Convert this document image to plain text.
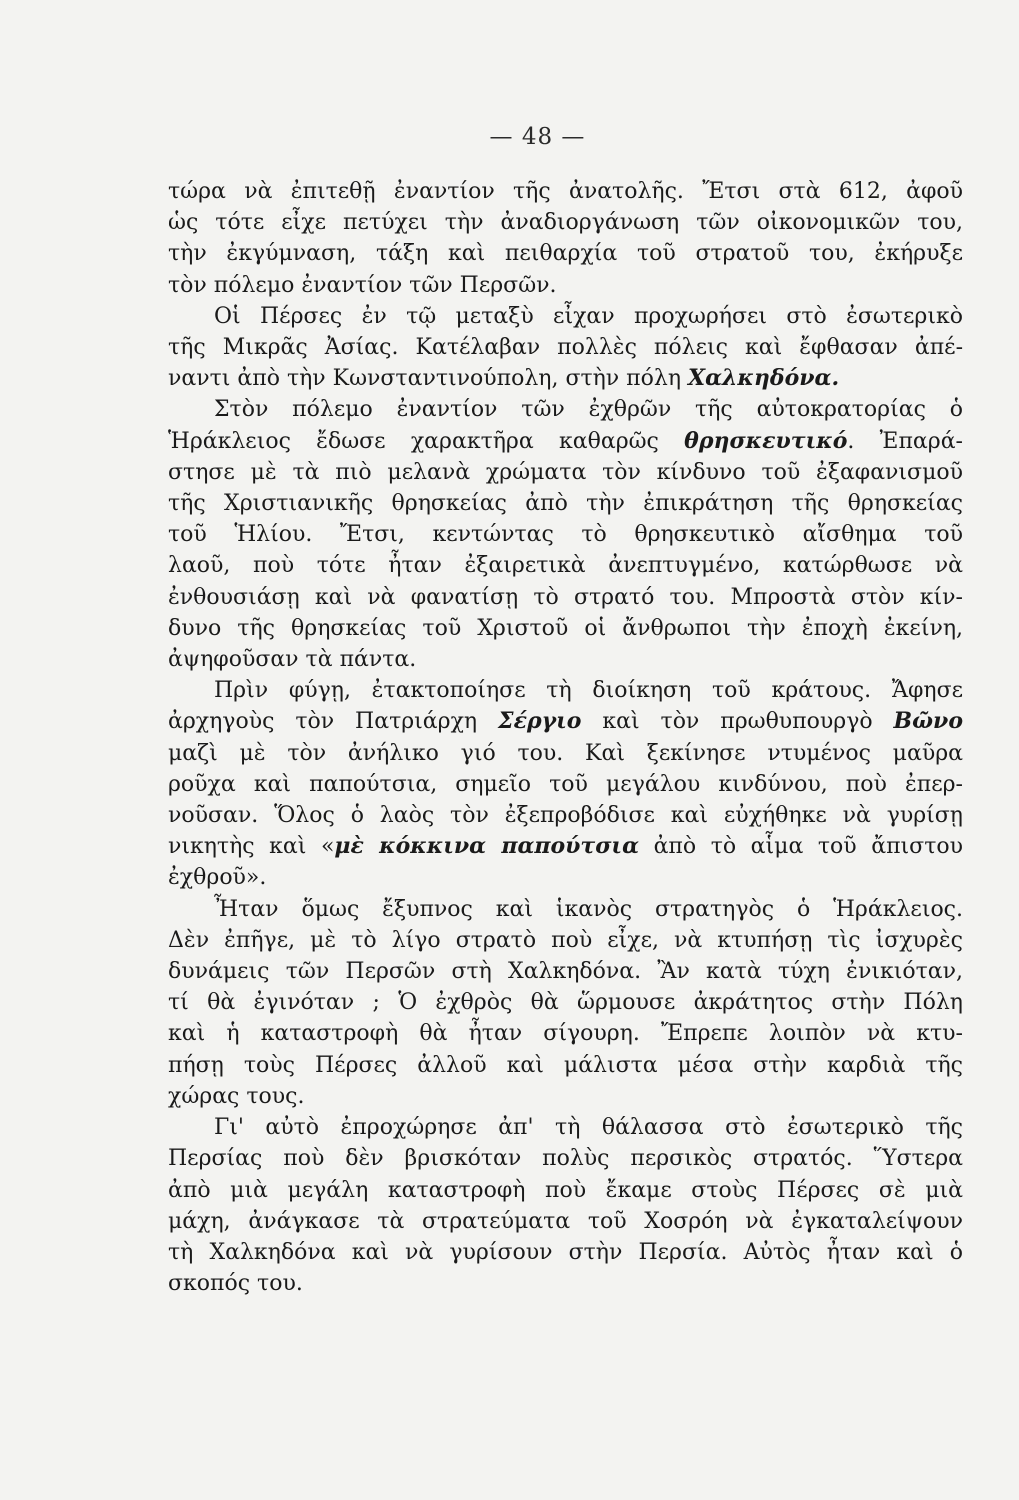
— 48 —
τώρα νὰ ἐπιτεθῇ ἐναντίον τῆς ἀνατολῆς. Ἔτσι στὰ 612, ἀφοῦ
ὡς τότε εἶχε πετύχει τὴν ἀναδιοργάνωση τῶν οἰκονομικῶν του,
τὴν ἐκγύμναση, τάξη καὶ πειθαρχία τοῦ στρατοῦ του, ἐκήρυξε
τὸν πόλεμο ἐναντίον τῶν Περσῶν.
Οἱ Πέρσες ἐν τῷ μεταξὺ εἶχαν προχωρήσει στὸ ἐσωτερικὸ
τῆς Μικρᾶς Ἀσίας. Κατέλαβαν πολλὲς πόλεις καὶ ἔφθασαν ἀπέ-
ναντι ἀπὸ τὴν Κωνσταντινούπολη, στὴν πόλη Χαλκηδόνα.
Στὸν πόλεμο ἐναντίον τῶν ἐχθρῶν τῆς αὐτοκρατορίας ὁ
Ἡράκλειος ἔδωσε χαρακτῆρα καθαρῶς θρησκευτικό. Ἐπαρά-
στησε μὲ τὰ πιὸ μελανὰ χρώματα τὸν κίνδυνο τοῦ ἐξαφανισμοῦ
τῆς Χριστιανικῆς θρησκείας ἀπὸ τὴν ἐπικράτηση τῆς θρησκείας
τοῦ Ἡλίου. Ἔτσι, κεντώντας τὸ θρησκευτικὸ αἴσθημα τοῦ
λαοῦ, ποὺ τότε ἦταν ἐξαιρετικὰ ἀνεπτυγμένο, κατώρθωσε νὰ
ἐνθουσιάσῃ καὶ νὰ φανατίσῃ τὸ στρατό του. Μπροστὰ στὸν κίν-
δυνο τῆς θρησκείας τοῦ Χριστοῦ οἱ ἄνθρωποι τὴν ἐποχὴ ἐκείνη,
ἀψηφοῦσαν τὰ πάντα.
Πρὶν φύγῃ, ἐτακτοποίησε τὴ διοίκηση τοῦ κράτους. Ἄφησε
ἀρχηγοὺς τὸν Πατριάρχη Σέργιο καὶ τὸν πρωθυπουργὸ Βῶνο
μαζὶ μὲ τὸν ἀνήλικο γιό του. Καὶ ξεκίνησε ντυμένος μαῦρα
ροῦχα καὶ παπούτσια, σημεῖο τοῦ μεγάλου κινδύνου, ποὺ ἐπερ-
νοῦσαν. Ὅλος ὁ λαὸς τὸν ἐξεπροβόδισε καὶ εὐχήθηκε νὰ γυρίσῃ
νικητὴς καὶ «μὲ κόκκινα παπούτσια ἀπὸ τὸ αἷμα τοῦ ἄπιστου
ἐχθροῦ».
Ἦταν ὅμως ἔξυπνος καὶ ἱκανὸς στρατηγὸς ὁ Ἡράκλειος.
Δὲν ἐπῆγε, μὲ τὸ λίγο στρατὸ ποὺ εἶχε, νὰ κτυπήσῃ τὶς ἰσχυρὲς
δυνάμεις τῶν Περσῶν στὴ Χαλκηδόνα. Ἂν κατὰ τύχη ἐνικιόταν,
τί θὰ ἐγινόταν ; Ὁ ἐχθρὸς θὰ ὥρμουσε ἀκράτητος στὴν Πόλη
καὶ ἡ καταστροφὴ θὰ ἦταν σίγουρη. Ἔπρεπε λοιπὸν νὰ κτυ-
πήσῃ τοὺς Πέρσες ἀλλοῦ καὶ μάλιστα μέσα στὴν καρδιὰ τῆς
χώρας τους.
Γι' αὐτὸ ἐπροχώρησε ἀπ' τὴ θάλασσα στὸ ἐσωτερικὸ τῆς
Περσίας ποὺ δὲν βρισκόταν πολὺς περσικὸς στρατός. Ὕστερα
ἀπὸ μιὰ μεγάλη καταστροφὴ ποὺ ἔκαμε στοὺς Πέρσες σὲ μιὰ
μάχη, ἀνάγκασε τὰ στρατεύματα τοῦ Χοσρόη νὰ ἐγκαταλείψουν
τὴ Χαλκηδόνα καὶ νὰ γυρίσουν στὴν Περσία. Αὐτὸς ἦταν καὶ ὁ
σκοπός του.
